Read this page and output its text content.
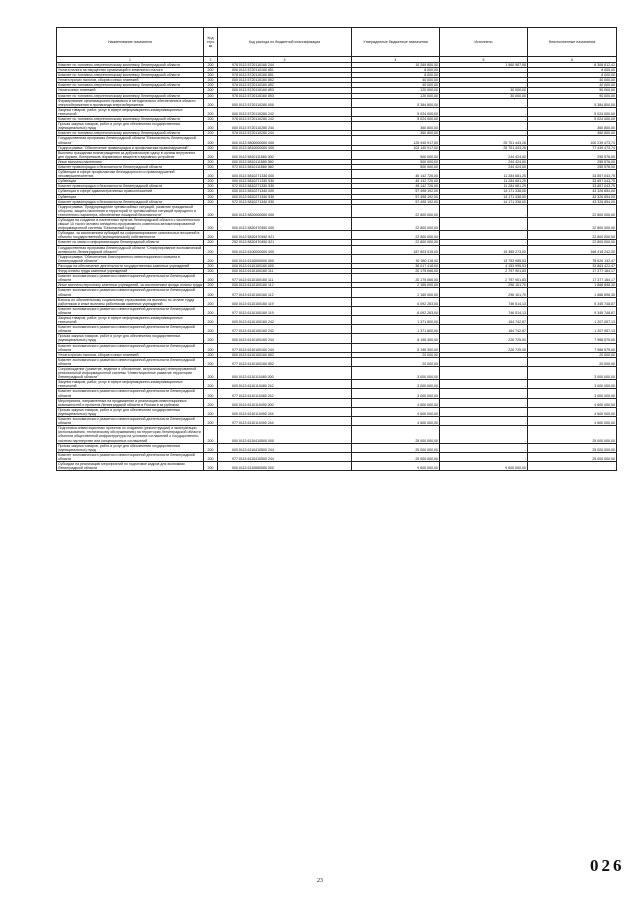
Наименование показателя	Код стро ки	Код расхода по бюджетной классификации	Утвержденные бюджетные назначения	Исполнено	Неисполненные назначения
1	2	3	4	5	6
Комитет по топливно-энергетическому комплексу Ленинградской области	200	978 0113 5720110160 244	10 269 800,00	1 960 987,58	8 308 812,42
Уплата налога на имущество организаций и земельного налога	200	000 0113 5720110160 851	8 000,00	-	8 000,00
Комитет по топливно-энергетическому комплексу Ленинградской области	200	978 0113 5720110160 851	8 000,00	-	8 000,00
Уплата прочих налогов, сборов и иных платежей	200	000 0113 5720110160 852	40 000,00	-	40 000,00
Комитет по топливно-энергетическому комплексу Ленинградской области	200	978 0113 5720110160 852	40 000,00	-	40 000,00
Уплата иных платежей	200	000 0113 5720110160 853	120 000,00	30 000,00	90 000,00
Комитет по топливно-энергетическому комплексу Ленинградской области	200	978 0113 5720110160 853	120 000,00	30 000,00	90 000,00
Формирование организационно-правового и методического обеспечения в области энергосбережения и пропаганда энергосбережения	200	000 0113 5720110280 000	5 384 800,00	-	5 384 800,00
Закупка товаров, работ, услуг в сфере информационно-коммуникационных технологий	200	000 0113 5720110280 242	5 024 000,00	-	5 024 000,00
Комитет по топливно-энергетическому комплексу Ленинградской области	200	978 0113 5720110280 242	5 024 000,00	-	5 024 000,00
Прочая закупка товаров, работ и услуг для обеспечения государственных (муниципальных) нужд	200	000 0113 5720110280 244	360 800,00	-	360 800,00
Комитет по топливно-энергетическому комплексу Ленинградской области	200	978 0113 5720110280 244	360 800,00	-	360 800,00
Государственная программа Ленинградской области "Безопасность Ленинградской области"	200	000 0113 5800000000 000	125 940 917,00	25 701 443,26	100 239 473,74
Подпрограмма "Обеспечение правопорядка и профилактика правонарушений"	200	000 0113 5810000000 000	103 140 917,00	25 701 443,26	77 439 473,74
Выплаты гражданам вознаграждения за добровольную сдачу в органы внутренних дел оружия, боеприпасов, взрывчатых веществ и взрывных устройств	200	000 0113 5810111580 000	500 000,00	244 424,00	255 576,00
Иные выплаты населению	200	000 0113 5810111580 360	500 000,00	244 424,00	255 576,00
Комитет правопорядка и безопасности Ленинградской области	200	972 0113 5810111580 360	500 000,00	244 424,00	255 576,00
Субвенции в сфере профилактики безнадзорности и правонарушений несовершеннолетних	200	000 0113 5810271330 000	45 142 726,00	11 284 681,25	33 857 043,75
Субвенции	200	000 0113 5810271330 530	45 142 726,00	11 284 681,25	33 857 043,75
Комитет правопорядка и безопасности Ленинградской области	200	972 0113 5810271330 530	45 142 726,00	11 284 681,25	33 857 043,75
Субвенции в сфере административных правоотношений	200	000 0113 5810271340 000	57 498 192,00	14 171 338,00	43 326 854,00
Субвенции	200	000 0113 5810271340 530	57 498 192,00	14 171 338,00	43 326 854,00
Комитет правопорядка и безопасности Ленинградской области	200	972 0113 5810271340 530	57 498 192,00	14 171 338,00	43 326 854,00
Подпрограмма "Предупреждение чрезвычайных ситуаций, развитие гражданской обороны, защита населения и территорий от чрезвычайных ситуаций природного и техногенного характера, обеспечение пожарной безопасности"	200	000 0113 5820000000 000	22 800 000,00	-	22 800 000,00
Субсидии на создание в населенных пунктах Ленинградской области с численностью свыше 10 тысяч человек аппаратно-программного комплекса автоматизированной информационной системы "Безопасный город"	200	000 0113 5820470450 000	22 800 000,00	-	22 800 000,00
Субсидии, за исключением субсидий на софинансирование капитальных вложений в объекты государственной (муниципальной) собственности	200	000 0113 5820470450 521	22 800 000,00	-	22 800 000,00
Комитет по связи и информатизации Ленинградской области	200	252 0113 5820470450 521	22 800 000,00	-	22 800 000,00
Государственная программа Ленинградской области "Стимулирование экономической активности Ленинградской области"	200	000 0113 6100000000 000	187 803 515,00	19 385 273,00	168 418 242,00
Подпрограмма "Обеспечение благоприятного инвестиционного климата в Ленинградской области"	200	000 0113 6110000000 000	92 380 118,00	13 753 985,53	78 626 132,47
Расходы на обеспечение деятельности государственных казенных учреждений	200	000 0113 6110100160 000	38 017 418,00	4 153 995,53	33 863 422,47
Фонд оплаты труда казенных учреждений	200	000 0113 6110100160 111	20 175 066,00	2 797 901,83	17 377 164,17
Комитет экономического развития и инвестиционной деятельности Ленинградской области	200	977 0113 6110100160 111	20 175 066,00	2 797 901,83	17 377 164,17
Иные выплаты персоналу казенных учреждений, за исключением фонда оплаты труда	200	000 0113 6110100160 112	2 165 000,00	296 101,70	1 868 898,30
Комитет экономического развития и инвестиционной деятельности Ленинградской области	200	977 0113 6110100160 112	2 165 000,00	296 101,70	1 868 898,30
Взносы по обязательному социальному страхованию на выплаты по оплате труда работников и иные выплаты работникам казенных учреждений	200	000 0113 6110100160 119	6 092 263,00	746 514,13	5 345 748,87
Комитет экономического развития и инвестиционной деятельности Ленинградской области	200	977 0113 6110100160 119	6 092 263,00	746 514,13	5 345 748,87
Закупка товаров, работ, услуг в сфере информационно-коммуникационных технологий	200	000 0113 6110100160 242	1 371 800,00	164 742,87	1 207 057,13
Комитет экономического развития и инвестиционной деятельности Ленинградской области	200	977 0113 6110100160 242	1 371 800,00	164 742,87	1 207 057,13
Прочая закупка товаров, работ и услуг для обеспечения государственных (муниципальных) нужд	200	000 0113 6110100160 244	8 195 300,00	226 725,00	7 968 575,00
Комитет экономического развития и инвестиционной деятельности Ленинградской области	200	977 0113 6110100160 244	8 195 300,00	226 725,00	7 968 575,00
Уплата прочих налогов, сборов и иных платежей	200	000 0113 6110100160 852	20 000,00	-	20 000,00
Комитет экономического развития и инвестиционной деятельности Ленинградской области	200	977 0113 6110100160 852	20 000,00	-	20 000,00
Сопровождение (развитие, ведение и обновление, актуализация) интегрированной региональной информационной системы "Инвестиционное развитие территории Ленинградской области"	200	000 0113 6110110480 000	3 000 000,00	-	3 000 000,00
Закупка товаров, работ, услуг в сфере информационно-коммуникационных технологий	200	000 0113 6110110480 242	3 000 000,00	-	3 000 000,00
Комитет экономического развития и инвестиционной деятельности Ленинградской области	200	977 0113 6110110480 242	3 000 000,00	-	3 000 000,00
Мероприятия, направленные на продвижение и реализацию инвестиционных возможностей и проектов Ленинградской области в России и за рубежом	200	000 0113 6110110490 000	4 600 000,00	-	4 600 000,00
Прочая закупка товаров, работ и услуг для обеспечения государственных (муниципальных) нужд	200	000 0113 6110110490 244	4 600 000,00	-	4 600 000,00
Комитет экономического развития и инвестиционной деятельности Ленинградской области	200	977 0113 6110110490 244	4 600 000,00	-	4 600 000,00
Подготовка инвестиционных проектов по созданию (реконструкции) и эксплуатации (использованию, техническому обслуживанию) на территории Ленинградской области объектов общественной инфраструктуры на условиях соглашений о государственно-частном партнерстве или концессионных соглашений	200	000 0113 6110410500 000	25 000 000,00	-	25 000 000,00
Прочая закупка товаров, работ и услуг для обеспечения государственных (муниципальных) нужд	200	000 0113 6110410500 244	25 000 000,00	-	25 000 000,00
Комитет экономического развития и инвестиционной деятельности Ленинградской области	200	977 0113 6110410500 244	25 000 000,00	-	25 000 000,00
Субсидии на реализацию мероприятий по подготовке кадров для экономики Ленинградской области	200	000 0113 6110680580 000	9 600 000,00	9 600 000,00	-
23
026
